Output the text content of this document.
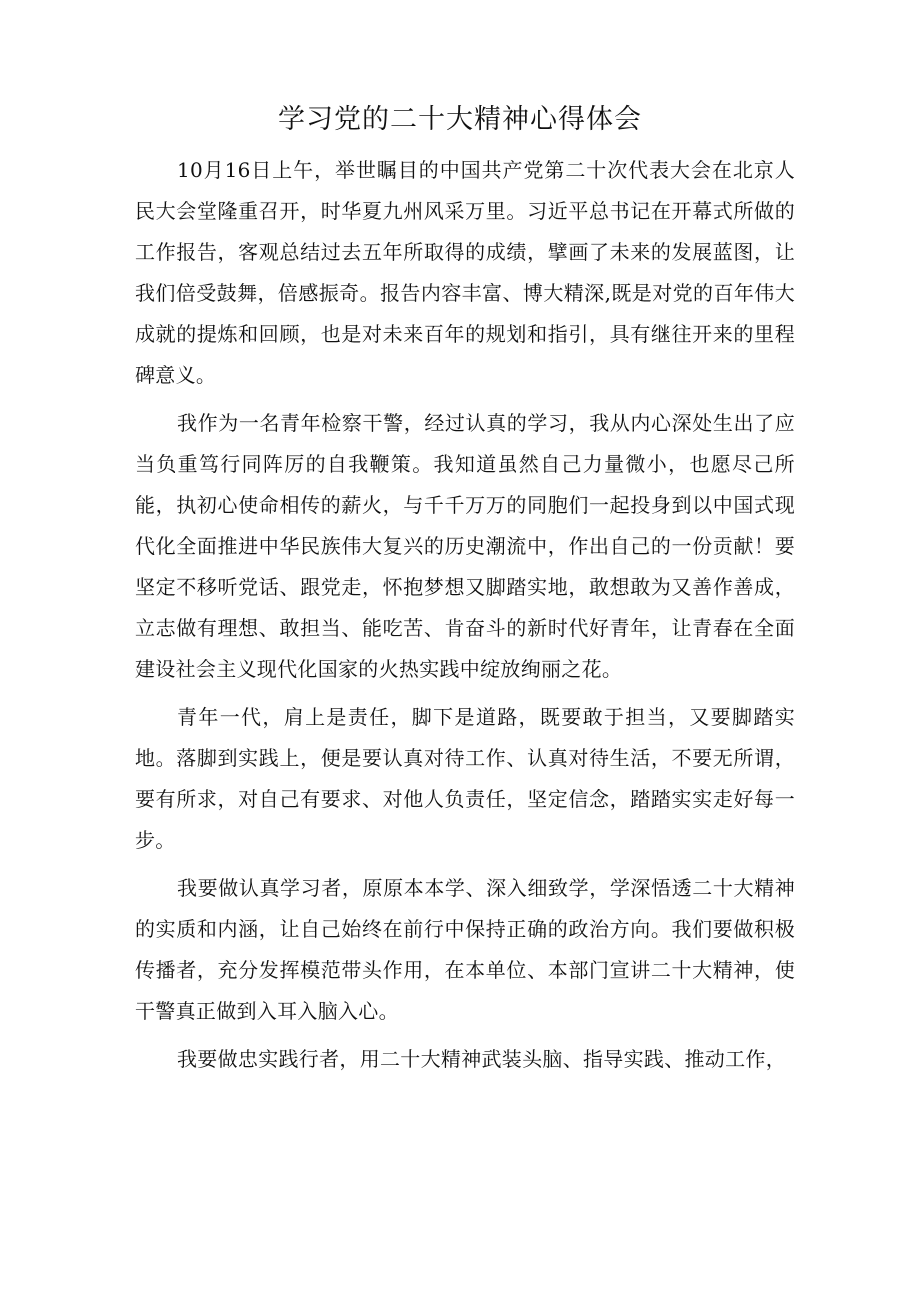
学习党的二十大精神心得体会

10月16日上午，举世瞩目的中国共产党第二十次代表大会在北京人民大会堂隆重召开，时华夏九州风采万里。习近平总书记在开幕式所做的工作报告，客观总结过去五年所取得的成绩，擘画了未来的发展蓝图，让我们倍受鼓舞，倍感振奇。报告内容丰富、博大精深,既是对党的百年伟大成就的提炼和回顾，也是对未来百年的规划和指引，具有继往开来的里程碑意义。

我作为一名青年检察干警，经过认真的学习，我从内心深处生出了应当负重笃行同阵厉的自我鞭策。我知道虽然自己力量微小，也愿尽己所能，执初心使命相传的薪火，与千千万万的同胞们一起投身到以中国式现代化全面推进中华民族伟大复兴的历史潮流中，作出自己的一份贡献！要坚定不移听党话、跟党走，怀抱梦想又脚踏实地，敢想敢为又善作善成，立志做有理想、敢担当、能吃苦、肯奋斗的新时代好青年，让青春在全面建设社会主义现代化国家的火热实践中绽放绚丽之花。

青年一代，肩上是责任，脚下是道路，既要敢于担当，又要脚踏实地。落脚到实践上，便是要认真对待工作、认真对待生活，不要无所谓，要有所求，对自己有要求、对他人负责任，坚定信念，踏踏实实走好每一步。

我要做认真学习者，原原本本学、深入细致学，学深悟透二十大精神的实质和内涵，让自己始终在前行中保持正确的政治方向。我们要做积极传播者，充分发挥模范带头作用，在本单位、本部门宣讲二十大精神，使干警真正做到入耳入脑入心。

我要做忠实践行者，用二十大精神武装头脑、指导实践、推动工作，
